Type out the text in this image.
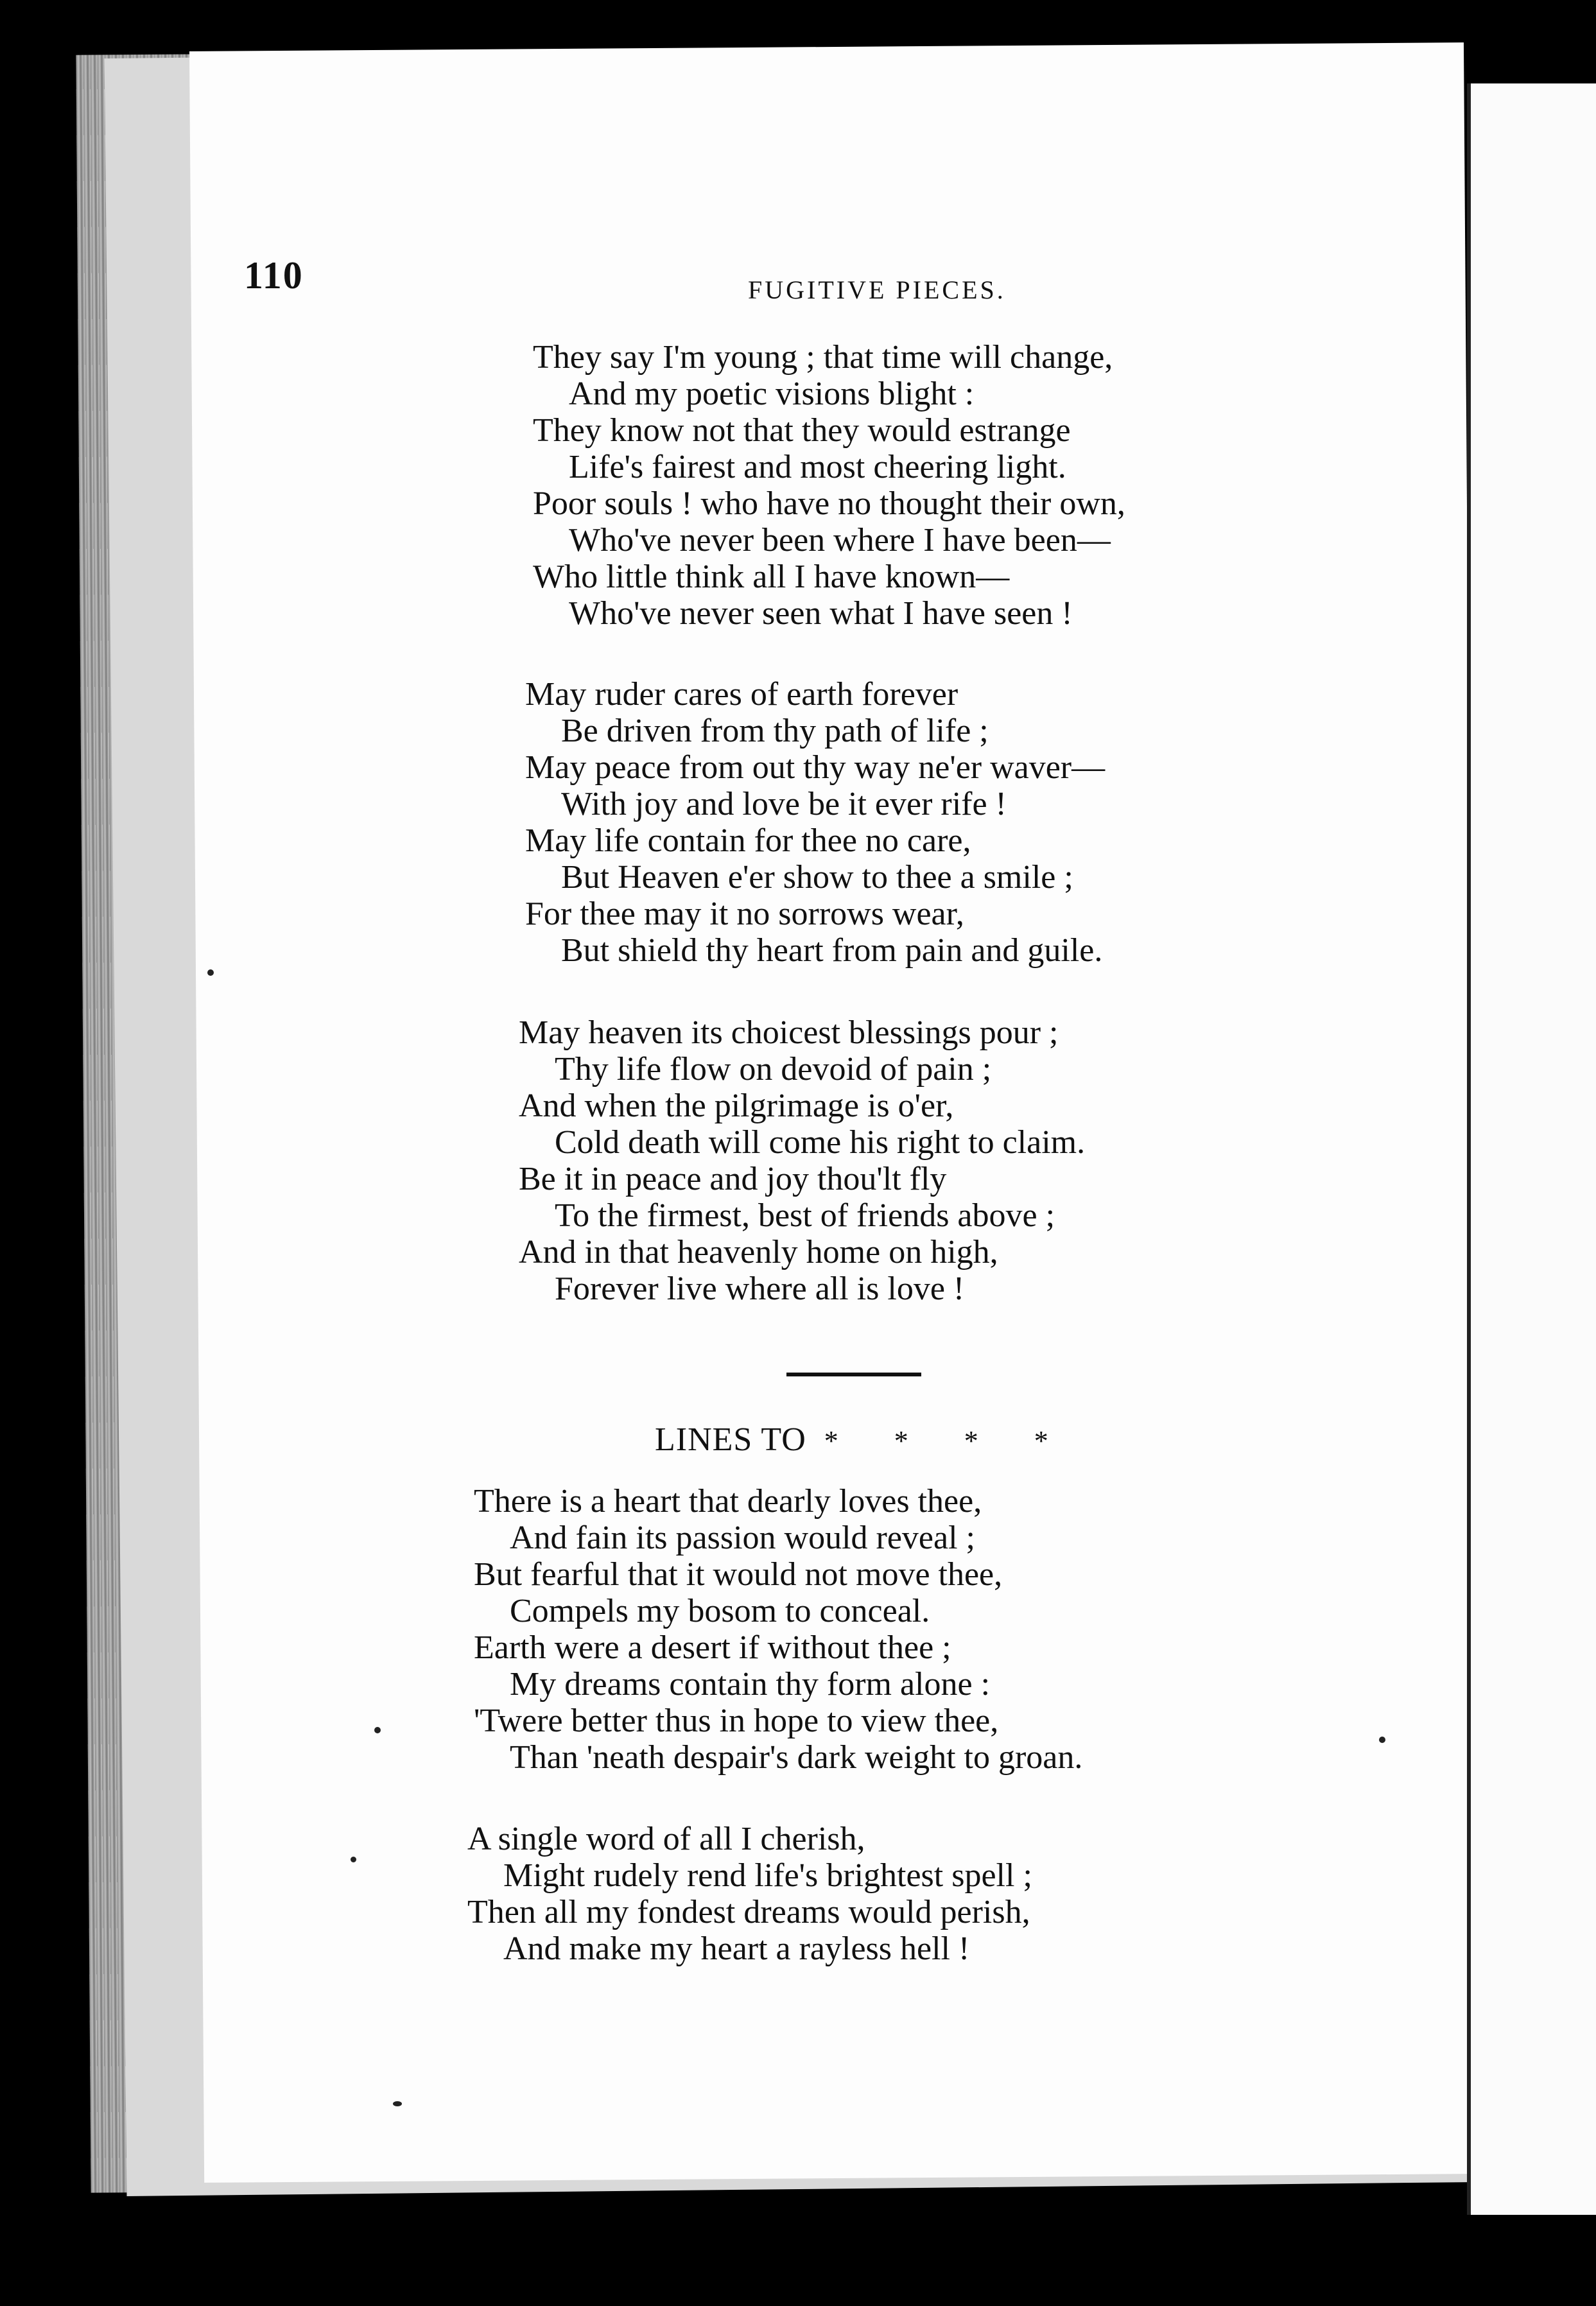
110	FUGITIVE PIECES.
They say I'm young ; that time will change,
And my poetic visions blight :
They know not that they would estrange
Life's fairest and most cheering light.
Poor souls ! who have no thought their own,
Who've never been where I have been—
Who little think all I have known—
Who've never seen what I have seen !
May ruder cares of earth forever
Be driven from thy path of life ;
May peace from out thy way ne'er waver—
With joy and love be it ever rife !
May life contain for thee no care,
But Heaven e'er show to thee a smile ;
For thee may it no sorrows wear,
But shield thy heart from pain and guile.
May heaven its choicest blessings pour ;
Thy life flow on devoid of pain ;
And when the pilgrimage is o'er,
Cold death will come his right to claim.
Be it in peace and joy thou'lt fly
To the firmest, best of friends above ;
And in that heavenly home on high,
Forever live where all is love !
LINES TO * * * *
There is a heart that dearly loves thee,
And fain its passion would reveal ;
But fearful that it would not move thee,
Compels my bosom to conceal.
Earth were a desert if without thee ;
My dreams contain thy form alone :
'Twere better thus in hope to view thee,
Than 'neath despair's dark weight to groan.
A single word of all I cherish,
Might rudely rend life's brightest spell ;
Then all my fondest dreams would perish,
And make my heart a rayless hell !
